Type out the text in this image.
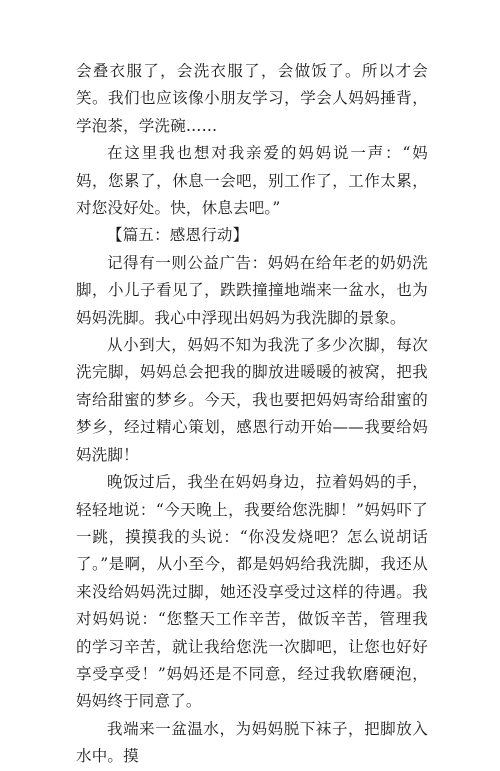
会叠衣服了，会洗衣服了，会做饭了。所以才会笑。我们也应该像小朋友学习，学会人妈妈捶背，学泡茶，学洗碗……

在这里我也想对我亲爱的妈妈说一声：“妈妈，您累了，休息一会吧，别工作了，工作太累，对您没好处。快，休息去吧。”

【篇五：感恩行动】

记得有一则公益广告：妈妈在给年老的奶奶洗脚，小儿子看见了，跌跌撞撞地端来一盆水，也为妈妈洗脚。我心中浮现出妈妈为我洗脚的景象。

从小到大，妈妈不知为我洗了多少次脚，每次洗完脚，妈妈总会把我的脚放进暖暖的被窝，把我寄给甜蜜的梦乡。今天，我也要把妈妈寄给甜蜜的梦乡，经过精心策划，感恩行动开始——我要给妈妈洗脚！

晚饭过后，我坐在妈妈身边，拉着妈妈的手，轻轻地说：“今天晚上，我要给您洗脚！”妈妈吓了一跳，摸摸我的头说：“你没发烧吧？怎么说胡话了。”是啊，从小至今，都是妈妈给我洗脚，我还从来没给妈妈洗过脚，她还没享受过这样的待遇。我对妈妈说：“您整天工作辛苦，做饭辛苦，管理我的学习辛苦，就让我给您洗一次脚吧，让您也好好享受享受！”妈妈还是不同意，经过我软磨硬泡，妈妈终于同意了。

我端来一盆温水，为妈妈脱下袜子，把脚放入水中。摸
